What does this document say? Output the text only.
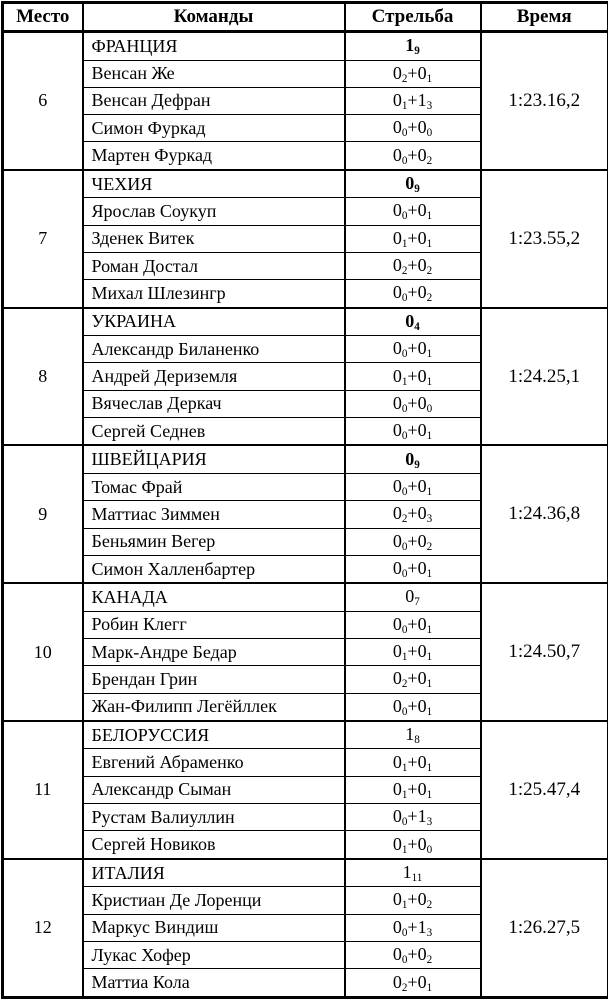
Место	Команды	Стрельба	Время
6	ФРАНЦИЯ	$1_9$	1:23.16,2
	Венсан Же	$0_2+0_1$
	Венсан Дефран	$0_1+1_3$
	Симон Фуркад	$0_0+0_0$
	Мартен Фуркад	$0_0+0_2$
7	ЧЕХИЯ	$0_9$	1:23.55,2
	Ярослав Соукуп	$0_0+0_1$
	Зденек Витек	$0_1+0_1$
	Роман Достал	$0_2+0_2$
	Михал Шлезингр	$0_0+0_2$
8	УКРАИНА	$0_4$	1:24.25,1
	Александр Биланенко	$0_0+0_1$
	Андрей Дериземля	$0_1+0_1$
	Вячеслав Деркач	$0_0+0_0$
	Сергей Седнев	$0_0+0_1$
9	ШВЕЙЦАРИЯ	$0_9$	1:24.36,8
	Томас Фрай	$0_0+0_1$
	Маттиас Зиммен	$0_2+0_3$
	Беньямин Вегер	$0_0+0_2$
	Симон Халленбартер	$0_0+0_1$
10	КАНАДА	$0_7$	1:24.50,7
	Робин Клегг	$0_0+0_1$
	Марк-Андре Бедар	$0_1+0_1$
	Брендан Грин	$0_2+0_1$
	Жан-Филипп Легёйллек	$0_0+0_1$
11	БЕЛОРУССИЯ	$1_8$	1:25.47,4
	Евгений Абраменко	$0_1+0_1$
	Александр Сыман	$0_1+0_1$
	Рустам Валиуллин	$0_0+1_3$
	Сергей Новиков	$0_1+0_0$
12	ИТАЛИЯ	$1_{11}$	1:26.27,5
	Кристиан Де Лоренци	$0_1+0_2$
	Маркус Виндиш	$0_0+1_3$
	Лукас Хофер	$0_0+0_2$
	Маттиа Кола	$0_2+0_1$
